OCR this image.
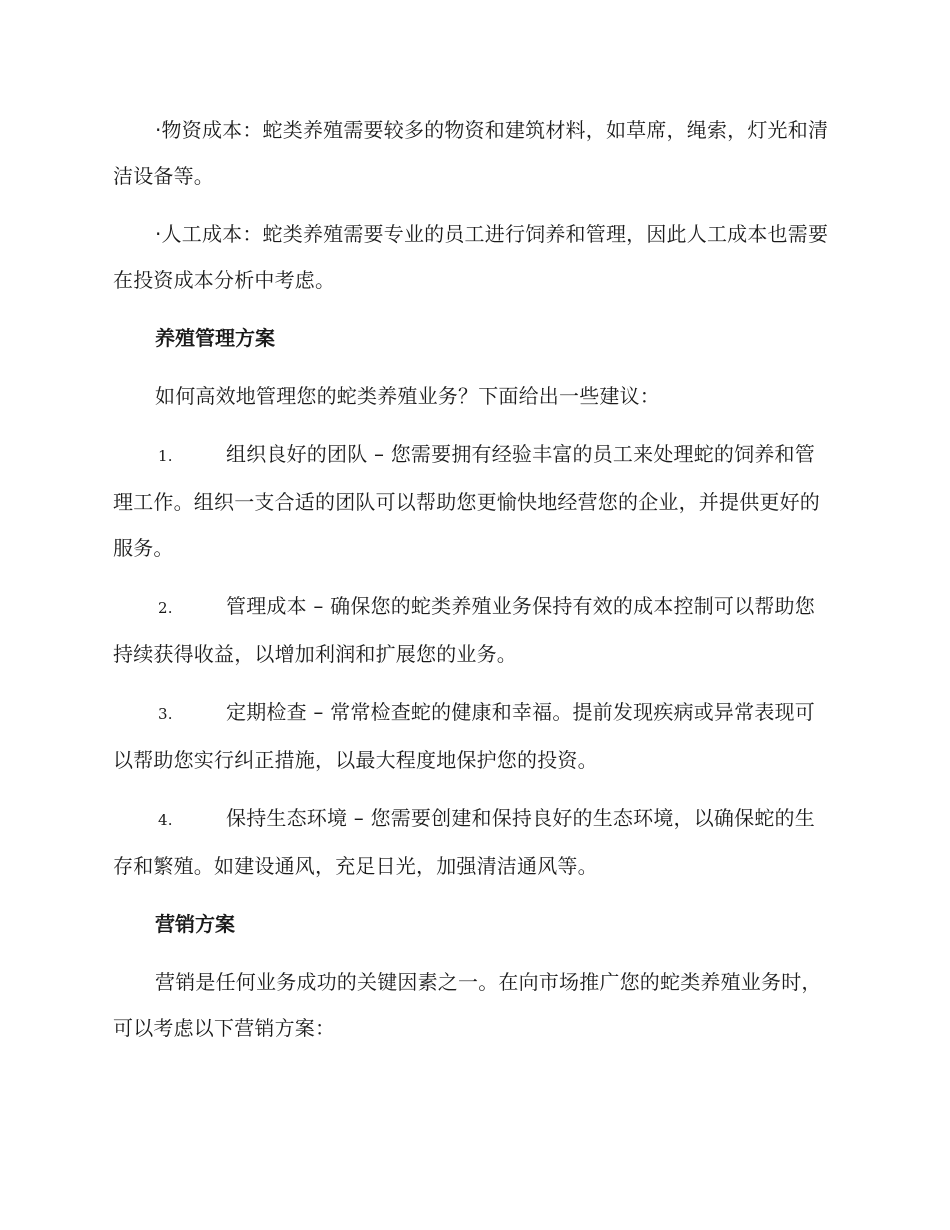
·物资成本：蛇类养殖需要较多的物资和建筑材料，如草席，绳索，灯光和清洁设备等。

·人工成本：蛇类养殖需要专业的员工进行饲养和管理，因此人工成本也需要在投资成本分析中考虑。

养殖管理方案

如何高效地管理您的蛇类养殖业务？下面给出一些建议：

1.	组织良好的团队 – 您需要拥有经验丰富的员工来处理蛇的饲养和管理工作。组织一支合适的团队可以帮助您更愉快地经营您的企业，并提供更好的服务。

2.	管理成本 – 确保您的蛇类养殖业务保持有效的成本控制可以帮助您持续获得收益，以增加利润和扩展您的业务。

3.	定期检查 – 常常检查蛇的健康和幸福。提前发现疾病或异常表现可以帮助您实行纠正措施，以最大程度地保护您的投资。

4.	保持生态环境 – 您需要创建和保持良好的生态环境，以确保蛇的生存和繁殖。如建设通风，充足日光，加强清洁通风等。

营销方案

营销是任何业务成功的关键因素之一。在向市场推广您的蛇类养殖业务时，可以考虑以下营销方案：
